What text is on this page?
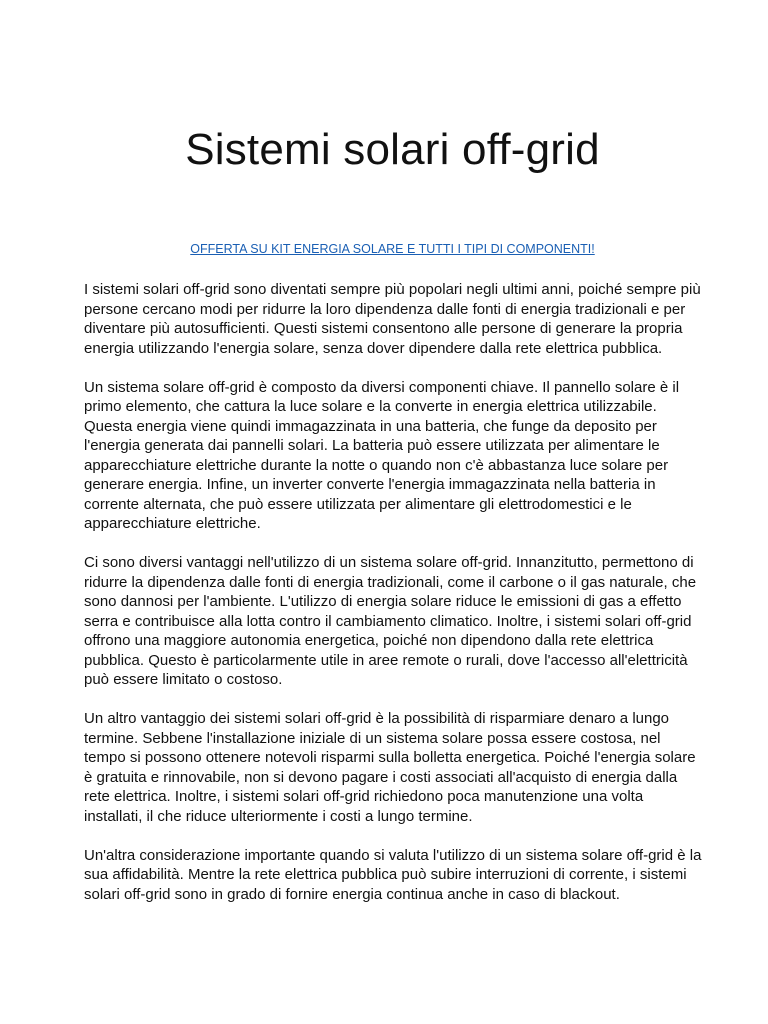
Sistemi solari off-grid
OFFERTA SU KIT ENERGIA SOLARE E TUTTI I TIPI DI COMPONENTI!

I sistemi solari off-grid sono diventati sempre più popolari negli ultimi anni, poiché sempre più persone cercano modi per ridurre la loro dipendenza dalle fonti di energia tradizionali e per diventare più autosufficienti. Questi sistemi consentono alle persone di generare la propria energia utilizzando l'energia solare, senza dover dipendere dalla rete elettrica pubblica.

Un sistema solare off-grid è composto da diversi componenti chiave. Il pannello solare è il primo elemento, che cattura la luce solare e la converte in energia elettrica utilizzabile. Questa energia viene quindi immagazzinata in una batteria, che funge da deposito per l'energia generata dai pannelli solari. La batteria può essere utilizzata per alimentare le apparecchiature elettriche durante la notte o quando non c'è abbastanza luce solare per generare energia. Infine, un inverter converte l'energia immagazzinata nella batteria in corrente alternata, che può essere utilizzata per alimentare gli elettrodomestici e le apparecchiature elettriche.

Ci sono diversi vantaggi nell'utilizzo di un sistema solare off-grid. Innanzitutto, permettono di ridurre la dipendenza dalle fonti di energia tradizionali, come il carbone o il gas naturale, che sono dannosi per l'ambiente. L'utilizzo di energia solare riduce le emissioni di gas a effetto serra e contribuisce alla lotta contro il cambiamento climatico. Inoltre, i sistemi solari off-grid offrono una maggiore autonomia energetica, poiché non dipendono dalla rete elettrica pubblica. Questo è particolarmente utile in aree remote o rurali, dove l'accesso all'elettricità può essere limitato o costoso.

Un altro vantaggio dei sistemi solari off-grid è la possibilità di risparmiare denaro a lungo termine. Sebbene l'installazione iniziale di un sistema solare possa essere costosa, nel tempo si possono ottenere notevoli risparmi sulla bolletta energetica. Poiché l'energia solare è gratuita e rinnovabile, non si devono pagare i costi associati all'acquisto di energia dalla rete elettrica. Inoltre, i sistemi solari off-grid richiedono poca manutenzione una volta installati, il che riduce ulteriormente i costi a lungo termine.

Un'altra considerazione importante quando si valuta l'utilizzo di un sistema solare off-grid è la sua affidabilità. Mentre la rete elettrica pubblica può subire interruzioni di corrente, i sistemi solari off-grid sono in grado di fornire energia continua anche in caso di blackout.
